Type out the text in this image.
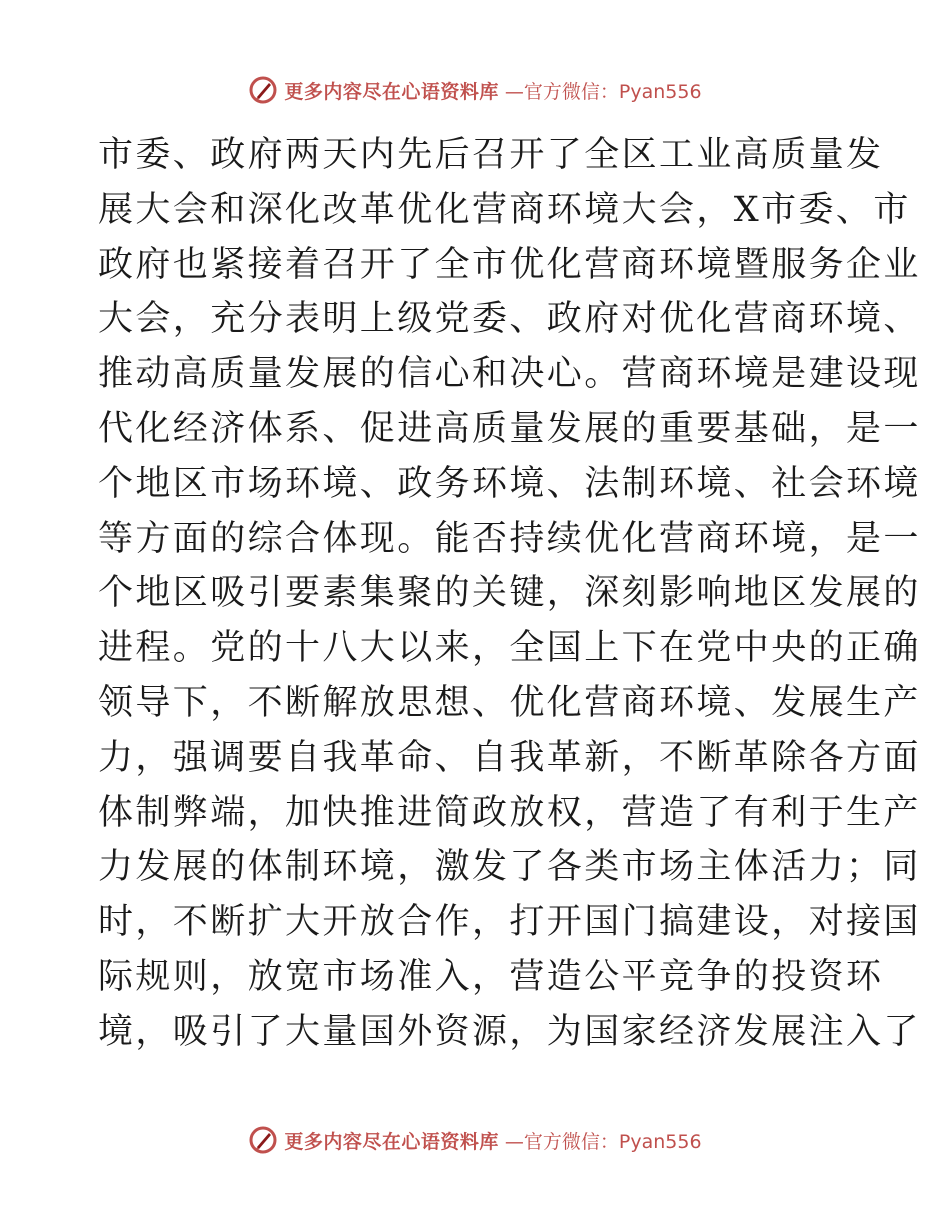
更多内容尽在心语资料库 —官方微信：Pyan556
市委、政府两天内先后召开了全区工业高质量发
展大会和深化改革优化营商环境大会，X市委、市
政府也紧接着召开了全市优化营商环境暨服务企业
大会，充分表明上级党委、政府对优化营商环境、
推动高质量发展的信心和决心。营商环境是建设现
代化经济体系、促进高质量发展的重要基础，是一
个地区市场环境、政务环境、法制环境、社会环境
等方面的综合体现。能否持续优化营商环境，是一
个地区吸引要素集聚的关键，深刻影响地区发展的
进程。党的十八大以来，全国上下在党中央的正确
领导下，不断解放思想、优化营商环境、发展生产
力，强调要自我革命、自我革新，不断革除各方面
体制弊端，加快推进简政放权，营造了有利于生产
力发展的体制环境，激发了各类市场主体活力；同
时，不断扩大开放合作，打开国门搞建设，对接国
际规则，放宽市场准入，营造公平竞争的投资环
境，吸引了大量国外资源，为国家经济发展注入了
更多内容尽在心语资料库 —官方微信：Pyan556
